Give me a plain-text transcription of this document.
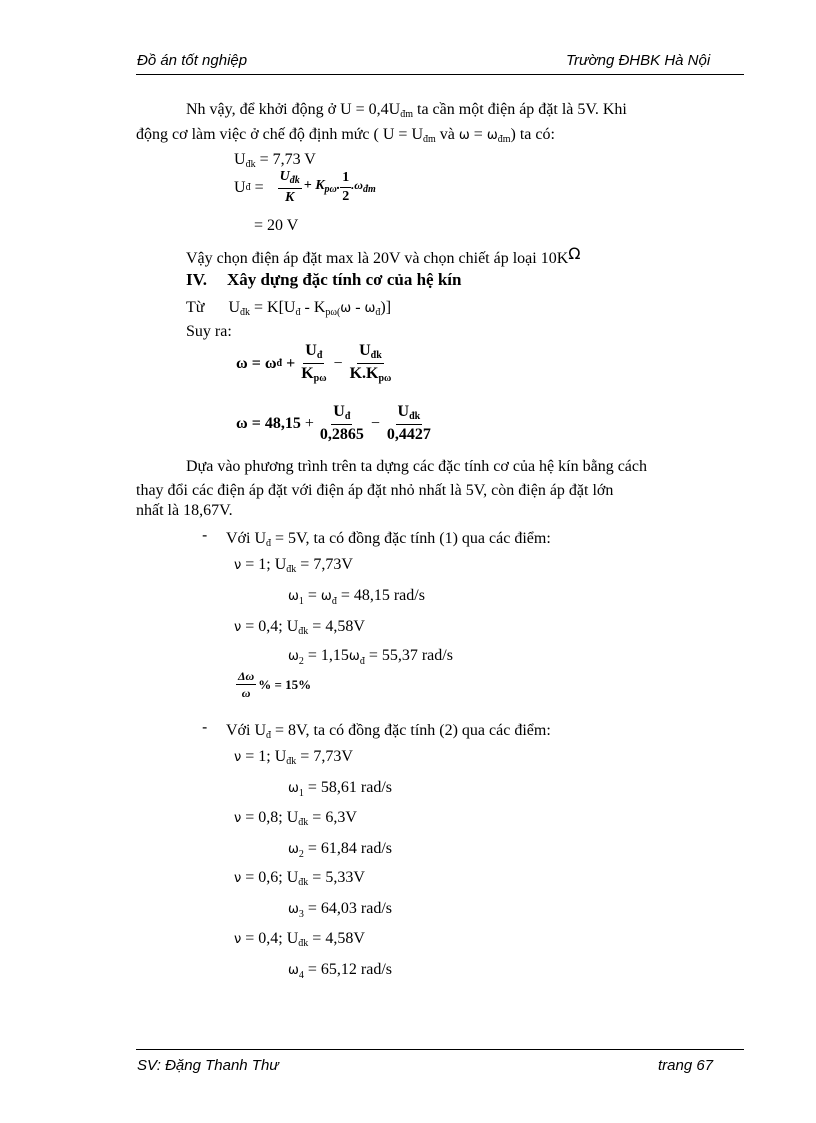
Đồ án tốt nghiệp	Trường ĐHBK Hà Nội
Nh vậy, để khởi động ở $U = 0,4U_{đm}$ ta cần một điện áp đặt là 5V. Khi
động cơ làm việc ở chế độ định mức ( $U = U_{đm}$ và $\omega = \omega_{đm}$) ta có:
$U_{đk} = 7,73$ V
U đ = $\frac{U_{đk}}{K} + K_{p\omega}$. $\frac{1}{2} .\omega_{đm}$
= 20 V
Vậy chọn điện áp đặt max là 20V và chọn chiết áp loại 10KΩ
IV. Xây dựng đặc tính cơ của hệ kín
Từ $U_{đk} = K[U_đ - K_{p\omega(}\omega - \omega_đ)$]
Suy ra:
ω = ω đ + $\frac{U_đ}{K_{p\omega}} - \frac{U_{đk}}{K.K_{p\omega}}$
$\omega = 48,15 + \frac{U_đ}{0,2865} - \frac{U_{đk}}{0,4427}$
Dựa vào phương trình trên ta dựng các đặc tính cơ của hệ kín bằng cách
thay đổi các điện áp đặt với điện áp đặt nhỏ nhất là 5V, còn điện áp đặt lớn
nhất là 18,67V.
- Với $U_đ = 5V$, ta có đồng đặc tính (1) qua các điểm:
ν = 1; $U_{đk} = 7,73V$
$\omega_1 = \omega_đ = 48,15$ rad/s
ν = 0,4; $U_{đk} = 4,58V$
$\omega_2 = 1,15\omega_đ = 55,37$ rad/s
$\frac{\Delta\omega}{\omega}$ % = 15%
- Với $U_đ = 8V$, ta có đồng đặc tính (2) qua các điểm:
ν = 1; $U_{đk} = 7,73V$
$\omega_1 = 58,61$ rad/s
ν = 0,8; $U_{đk} = 6,3V$
$\omega_2 = 61,84$ rad/s
ν = 0,6; $U_{đk} = 5,33V$
$\omega_3 = 64,03$ rad/s
ν = 0,4; $U_{đk} = 4,58V$
$\omega_4 = 65,12$ rad/s
SV: Đặng Thanh Thư	trang 67
